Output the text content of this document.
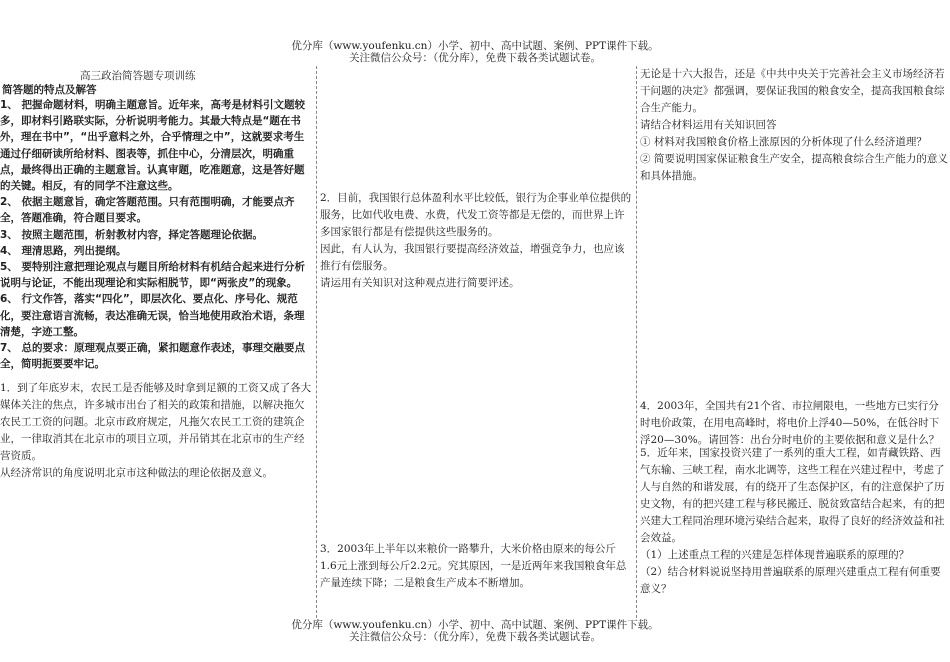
优分库（www.youfenku.cn）小学、初中、高中试题、案例、PPT课件下载。
关注微信公众号：（优分库），免费下载各类试题试卷。
高三政治简答题专项训练
简答题的特点及解答

1、 把握命题材料，明确主题意旨。近年来，高考是材料引文题较多，即材料引路联实际，分析说明考能力。其最大特点是“题在书外，理在书中”，“出乎意料之外，合乎情理之中”，这就要求考生通过仔细研读所给材料、图表等，抓住中心，分清层次，明确重点，最终得出正确的主题意旨。认真审题，吃准题意，这是答好题的关键。相反，有的同学不注意这些。

2、 依据主题意旨，确定答题范围。只有范围明确，才能要点齐全，答题准确，符合题目要求。

3、 按照主题范围，析射教材内容，择定答题理论依据。

4、 理清思路，列出提纲。

5、 要特别注意把理论观点与题目所给材料有机结合起来进行分析说明与论证，不能出现理论和实际相脱节，即“两张皮”的现象。

6、 行文作答，落实“四化”，即层次化、要点化、序号化、规范化，要注意语言流畅，表达准确无误，恰当地使用政治术语，条理清楚，字迹工整。

7、 总的要求：原理观点要正确，紧扣题意作表述，事理交融要点全，简明扼要要牢记。

1．到了年底岁末，农民工是否能够及时拿到足额的工资又成了各大媒体关注的焦点，许多城市出台了相关的政策和措施，以解决拖欠农民工工资的问题。北京市政府规定，凡拖欠农民工工资的建筑企业，一律取消其在北京市的项目立项，并吊销其在北京市的生产经营资质。

从经济常识的角度说明北京市这种做法的理论依据及意义。

2．目前，我国银行总体盈利水平比较低，银行为企事业单位提供的服务，比如代收电费、水费，代发工资等都是无偿的，而世界上许多国家银行都是有偿提供这些服务的。

因此，有人认为，我国银行要提高经济效益，增强竞争力，也应该推行有偿服务。

请运用有关知识对这种观点进行简要评述。

3．2003年上半年以来粮价一路攀升，大米价格由原来的每公斤1.6元上涨到每公斤2.2元。究其原因，一是近两年来我国粮食年总产量连续下降；二是粮食生产成本不断增加。

无论是十六大报告，还是《中共中央关于完善社会主义市场经济若干问题的决定》都强调，要保证我国的粮食安全，提高我国粮食综合生产能力。

请结合材料运用有关知识回答

① 材料对我国粮食价格上涨原因的分析体现了什么经济道理？

② 简要说明国家保证粮食生产安全，提高粮食综合生产能力的意义和具体措施。

4．2003年，全国共有21个省、市拉闸限电，一些地方已实行分时电价政策，在用电高峰时，将电价上浮40—50%，在低谷时下浮20—30%。请回答：出台分时电价的主要依据和意义是什么？

5．近年来，国家投资兴建了一系列的重大工程，如青藏铁路、西气东输、三峡工程，南水北调等，这些工程在兴建过程中，考虑了人与自然的和谐发展，有的绕开了生态保护区，有的注意保护了历史文物，有的把兴建工程与移民搬迁、脱贫致富结合起来，有的把兴建大工程同治理环境污染结合起来，取得了良好的经济效益和社会效益。

（1）上述重点工程的兴建是怎样体现普遍联系的原理的？

（2）结合材料说说坚持用普遍联系的原理兴建重点工程有何重要意义？

优分库（www.youfenku.cn）小学、初中、高中试题、案例、PPT课件下载。
关注微信公众号：（优分库），免费下载各类试题试卷。
